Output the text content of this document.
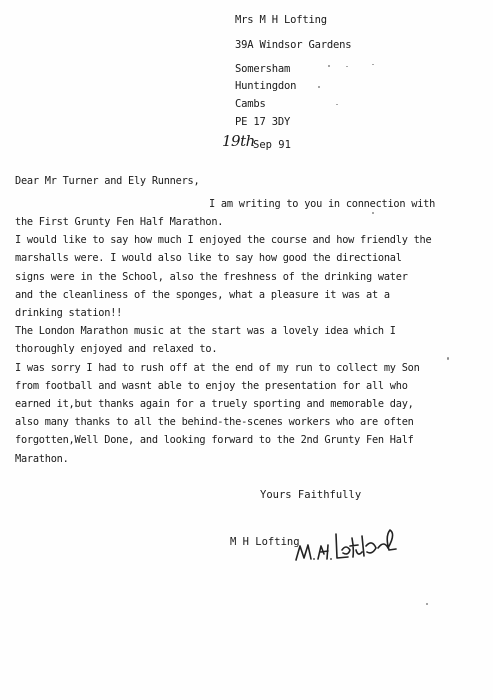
Mrs M H Lofting
39A Windsor Gardens
Somersham
Huntingdon
Cambs
PE 17 3DY
19th
Sep 91
Dear Mr Turner and Ely Runners,
I am writing to you in connection with
the First Grunty Fen Half Marathon.
I would like to say how much I enjoyed the course and how friendly the
marshalls were. I would also like to say how good the directional
signs were in the School, also the freshness of the drinking water
and the cleanliness of the sponges, what a pleasure it was at a
drinking station!!
The London Marathon music at the start was a lovely idea which I
thoroughly enjoyed and relaxed to.
I was sorry I had to rush off at the end of my run to collect my Son
from football and wasnt able to enjoy the presentation for all who
earned it,but thanks again for a truely sporting and memorable day,
also many thanks to all the behind-the-scenes workers who are often
forgotten,Well Done, and looking forward to the 2nd Grunty Fen Half
Marathon.
Yours Faithfully
M H Lofting
